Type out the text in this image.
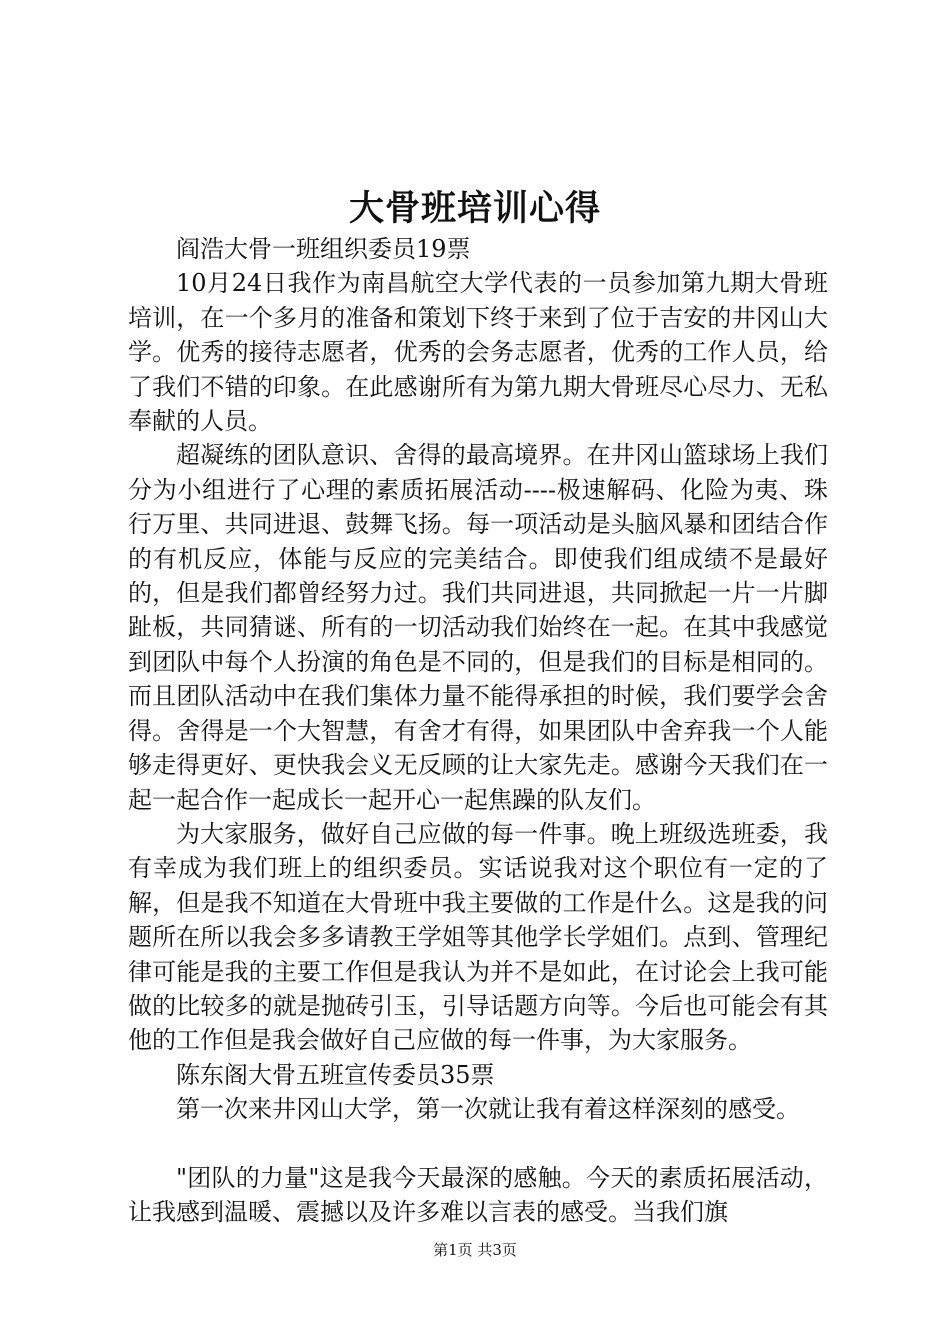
大骨班培训心得

阎浩大骨一班组织委员19票

10月24日我作为南昌航空大学代表的一员参加第九期大骨班培训，在一个多月的准备和策划下终于来到了位于吉安的井冈山大学。优秀的接待志愿者，优秀的会务志愿者，优秀的工作人员，给了我们不错的印象。在此感谢所有为第九期大骨班尽心尽力、无私奉献的人员。

超凝练的团队意识、舍得的最高境界。在井冈山篮球场上我们分为小组进行了心理的素质拓展活动----极速解码、化险为夷、珠行万里、共同进退、鼓舞飞扬。每一项活动是头脑风暴和团结合作的有机反应，体能与反应的完美结合。即使我们组成绩不是最好的，但是我们都曾经努力过。我们共同进退，共同掀起一片一片脚趾板，共同猜谜、所有的一切活动我们始终在一起。在其中我感觉到团队中每个人扮演的角色是不同的，但是我们的目标是相同的。而且团队活动中在我们集体力量不能得承担的时候，我们要学会舍得。舍得是一个大智慧，有舍才有得，如果团队中舍弃我一个人能够走得更好、更快我会义无反顾的让大家先走。感谢今天我们在一起一起合作一起成长一起开心一起焦躁的队友们。

为大家服务，做好自己应做的每一件事。晚上班级选班委，我有幸成为我们班上的组织委员。实话说我对这个职位有一定的了解，但是我不知道在大骨班中我主要做的工作是什么。这是我的问题所在所以我会多多请教王学姐等其他学长学姐们。点到、管理纪律可能是我的主要工作但是我认为并不是如此，在讨论会上我可能做的比较多的就是抛砖引玉，引导话题方向等。今后也可能会有其他的工作但是我会做好自己应做的每一件事，为大家服务。

陈东阁大骨五班宣传委员35票

第一次来井冈山大学，第一次就让我有着这样深刻的感受。

"团队的力量"这是我今天最深的感触。今天的素质拓展活动，让我感到温暖、震撼以及许多难以言表的感受。当我们旗

第1页 共3页
